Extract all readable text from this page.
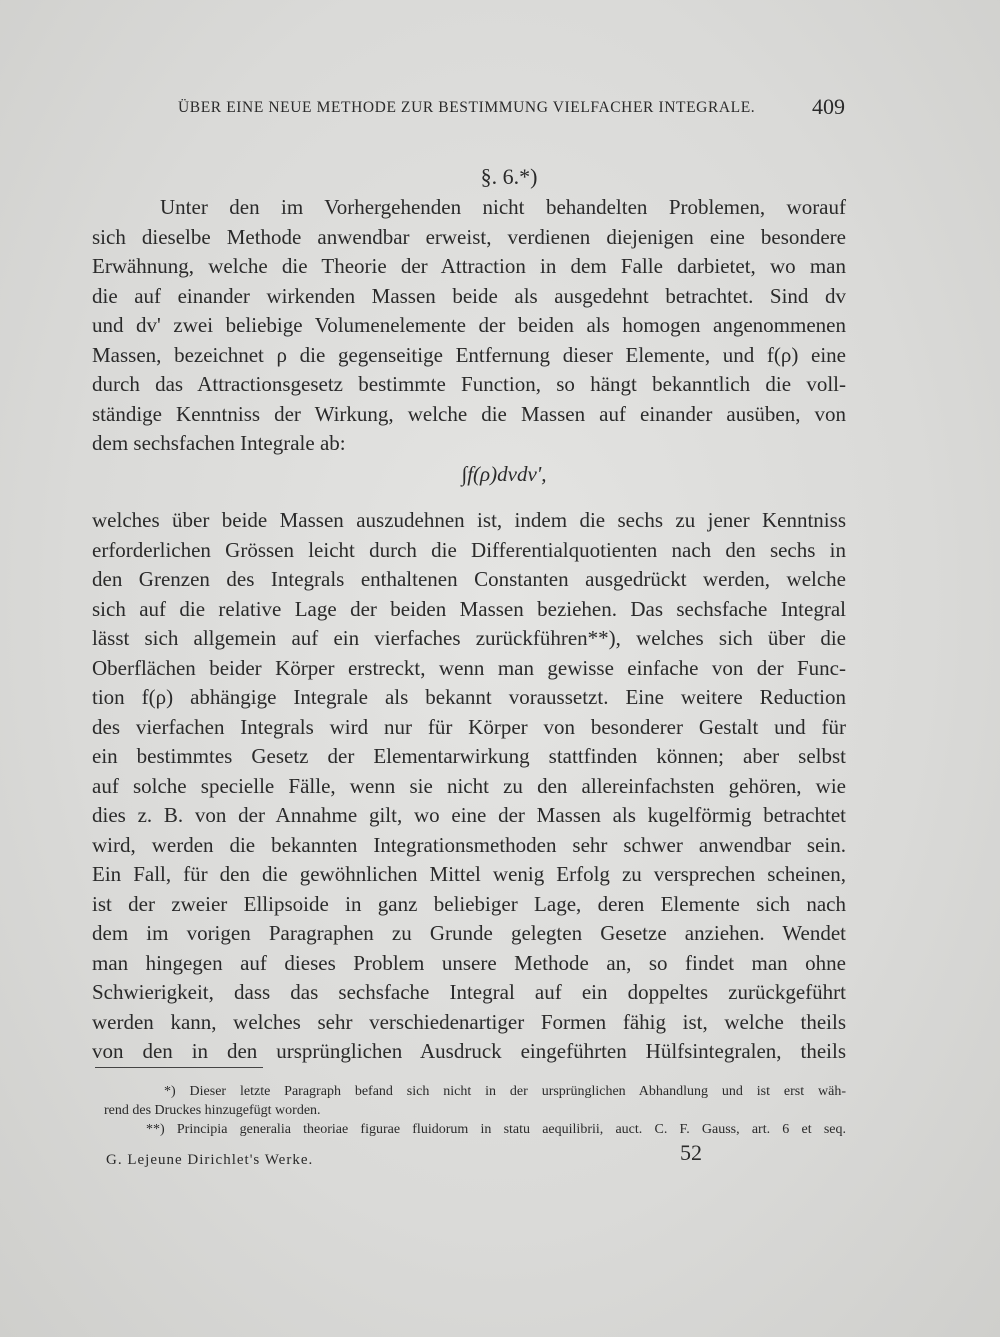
ÜBER EINE NEUE METHODE ZUR BESTIMMUNG VIELFACHER INTEGRALE.	409
§. 6.*)
Unter den im Vorhergehenden nicht behandelten Problemen, worauf
sich dieselbe Methode anwendbar erweist, verdienen diejenigen eine besondere
Erwähnung, welche die Theorie der Attraction in dem Falle darbietet, wo man
die auf einander wirkenden Massen beide als ausgedehnt betrachtet. Sind dv
und dv' zwei beliebige Volumenelemente der beiden als homogen angenommenen
Massen, bezeichnet ρ die gegenseitige Entfernung dieser Elemente, und f(ρ) eine
durch das Attractionsgesetz bestimmte Function, so hängt bekanntlich die voll-
ständige Kenntniss der Wirkung, welche die Massen auf einander ausüben, von
dem sechsfachen Integrale ab:
∫f(ρ)dvdv',
welches über beide Massen auszudehnen ist, indem die sechs zu jener Kenntniss
erforderlichen Grössen leicht durch die Differentialquotienten nach den sechs in
den Grenzen des Integrals enthaltenen Constanten ausgedrückt werden, welche
sich auf die relative Lage der beiden Massen beziehen. Das sechsfache Integral
lässt sich allgemein auf ein vierfaches zurückführen**), welches sich über die
Oberflächen beider Körper erstreckt, wenn man gewisse einfache von der Func-
tion f(ρ) abhängige Integrale als bekannt voraussetzt. Eine weitere Reduction
des vierfachen Integrals wird nur für Körper von besonderer Gestalt und für
ein bestimmtes Gesetz der Elementarwirkung stattfinden können; aber selbst
auf solche specielle Fälle, wenn sie nicht zu den allereinfachsten gehören, wie
dies z. B. von der Annahme gilt, wo eine der Massen als kugelförmig betrachtet
wird, werden die bekannten Integrationsmethoden sehr schwer anwendbar sein.
Ein Fall, für den die gewöhnlichen Mittel wenig Erfolg zu versprechen scheinen,
ist der zweier Ellipsoide in ganz beliebiger Lage, deren Elemente sich nach
dem im vorigen Paragraphen zu Grunde gelegten Gesetze anziehen. Wendet
man hingegen auf dieses Problem unsere Methode an, so findet man ohne
Schwierigkeit, dass das sechsfache Integral auf ein doppeltes zurückgeführt
werden kann, welches sehr verschiedenartiger Formen fähig ist, welche theils
von den in den ursprünglichen Ausdruck eingeführten Hülfsintegralen, theils
*) Dieser letzte Paragraph befand sich nicht in der ursprünglichen Abhandlung und ist erst wäh-
rend des Druckes hinzugefügt worden.
**) Principia generalia theoriae figurae fluidorum in statu aequilibrii, auct. C. F. Gauss, art. 6 et seq.
G. Lejeune Dirichlet's Werke.	52
